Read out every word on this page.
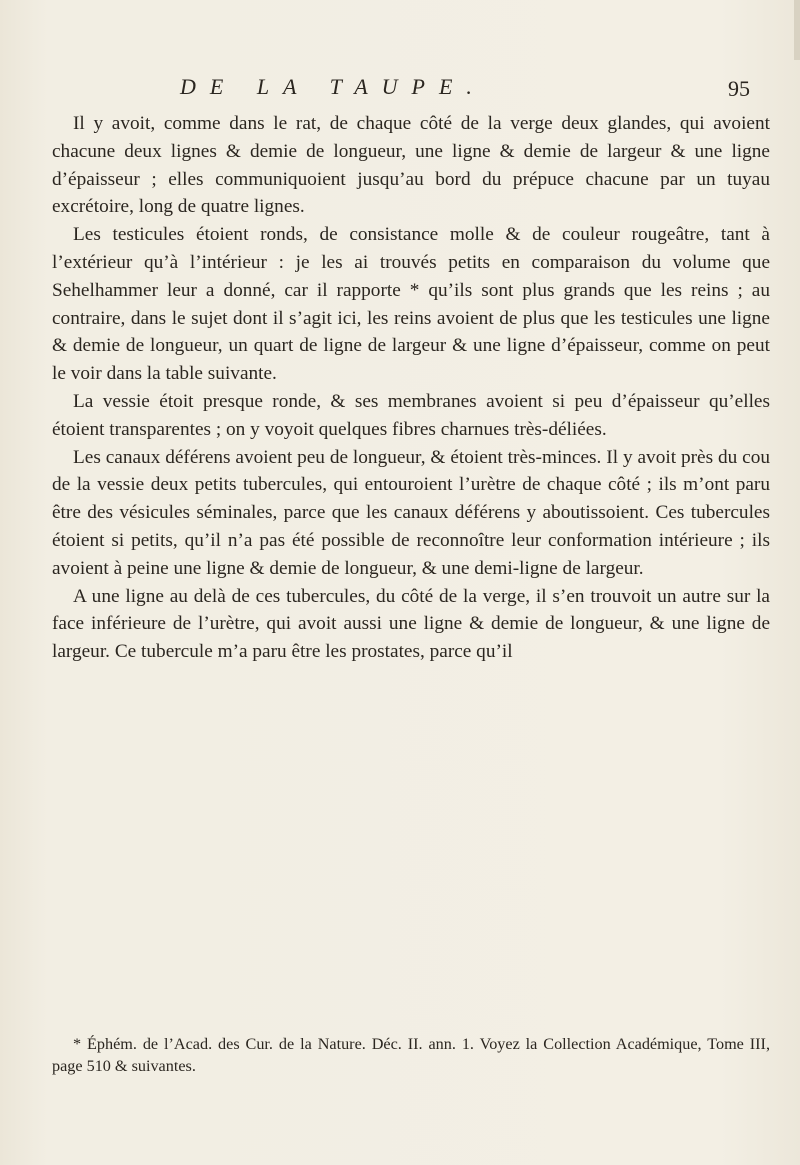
DE LA TAUPE.	95

Il y avoit, comme dans le rat, de chaque côté de la verge deux glandes, qui avoient chacune deux lignes & demie de longueur, une ligne & demie de largeur & une ligne d’épaisseur ; elles communiquoient jusqu’au bord du prépuce chacune par un tuyau excrétoire, long de quatre lignes.

Les testicules étoient ronds, de consistance molle & de couleur rougeâtre, tant à l’extérieur qu’à l’intérieur : je les ai trouvés petits en comparaison du volume que Sehelhammer leur a donné, car il rapporte * qu’ils sont plus grands que les reins ; au contraire, dans le sujet dont il s’agit ici, les reins avoient de plus que les testicules une ligne & demie de longueur, un quart de ligne de largeur & une ligne d’épaisseur, comme on peut le voir dans la table suivante.

La vessie étoit presque ronde, & ses membranes avoient si peu d’épaisseur qu’elles étoient transparentes ; on y voyoit quelques fibres charnues très-déliées.

Les canaux déférens avoient peu de longueur, & étoient très-minces. Il y avoit près du cou de la vessie deux petits tubercules, qui entouroient l’urètre de chaque côté ; ils m’ont paru être des vésicules séminales, parce que les canaux déférens y aboutissoient. Ces tubercules étoient si petits, qu’il n’a pas été possible de reconnoître leur conformation intérieure ; ils avoient à peine une ligne & demie de longueur, & une demi-ligne de largeur.

A une ligne au delà de ces tubercules, du côté de la verge, il s’en trouvoit un autre sur la face inférieure de l’urètre, qui avoit aussi une ligne & demie de longueur, & une ligne de largeur. Ce tubercule m’a paru être les prostates, parce qu’il

* Éphém. de l’Acad. des Cur. de la Nature. Déc. II. ann. 1. Voyez la Collection Académique, Tome III, page 510 & suivantes.
